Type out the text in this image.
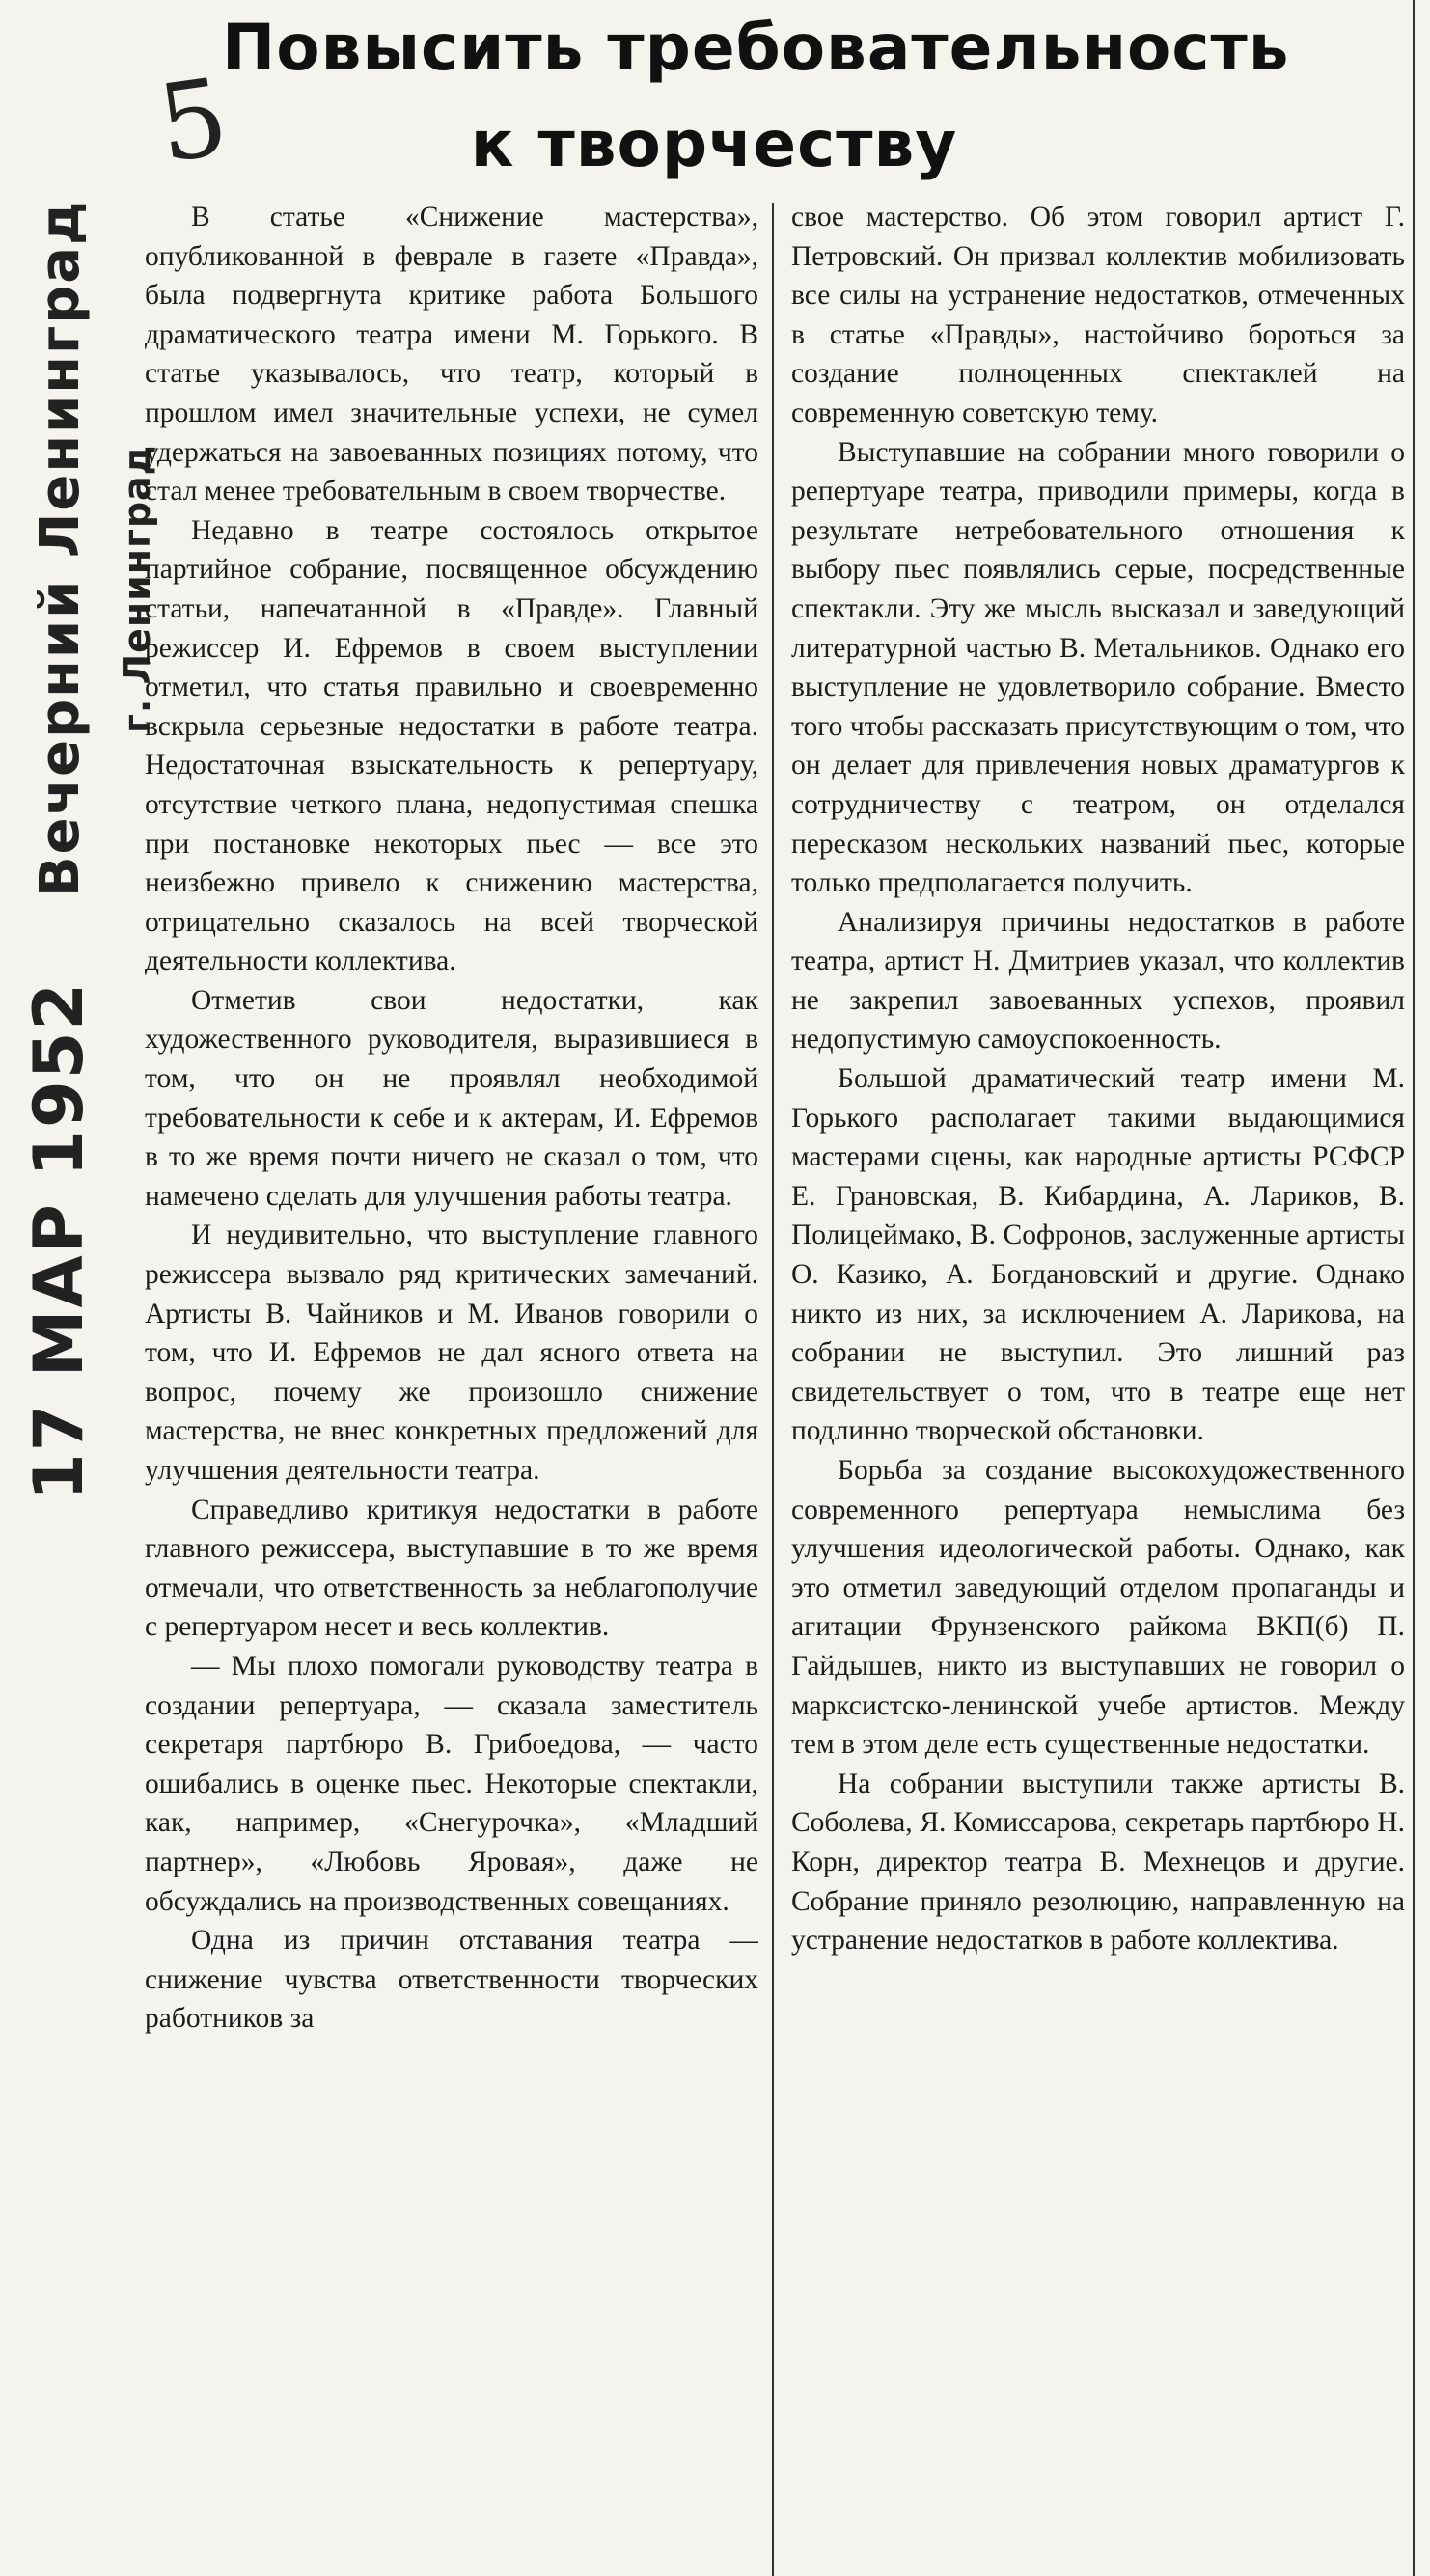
5
Повысить требовательность
к творчеству
Вечерний Ленинград г. Ленинград
17 МАР 1952

В статье «Снижение мастерства», опубликованной в феврале в газете «Правда», была подвергнута критике работа Большого драматического театра имени М. Горького. В статье указывалось, что театр, который в прошлом имел значительные успехи, не сумел удержаться на завоеванных позициях потому, что стал менее требовательным в своем творчестве.

Недавно в театре состоялось открытое партийное собрание, посвященное обсуждению статьи, напечатанной в «Правде». Главный режиссер И. Ефремов в своем выступлении отметил, что статья правильно и своевременно вскрыла серьезные недостатки в работе театра. Недостаточная взыскательность к репертуару, отсутствие четкого плана, недопустимая спешка при постановке некоторых пьес — все это неизбежно привело к снижению мастерства, отрицательно сказалось на всей творческой деятельности коллектива.

Отметив свои недостатки, как художественного руководителя, выразившиеся в том, что он не проявлял необходимой требовательности к себе и к актерам, И. Ефремов в то же время почти ничего не сказал о том, что намечено сделать для улучшения работы театра.

И неудивительно, что выступление главного режиссера вызвало ряд критических замечаний. Артисты В. Чайников и М. Иванов говорили о том, что И. Ефремов не дал ясного ответа на вопрос, почему же произошло снижение мастерства, не внес конкретных предложений для улучшения деятельности театра.

Справедливо критикуя недостатки в работе главного режиссера, выступавшие в то же время отмечали, что ответственность за неблагополучие с репертуаром несет и весь коллектив.

— Мы плохо помогали руководству театра в создании репертуара, — сказала заместитель секретаря партбюро В. Грибоедова, — часто ошибались в оценке пьес. Некоторые спектакли, как, например, «Снегурочка», «Младший партнер», «Любовь Яровая», даже не обсуждались на производственных совещаниях.

Одна из причин отставания театра — снижение чувства ответственности творческих работников за

свое мастерство. Об этом говорил артист Г. Петровский. Он призвал коллектив мобилизовать все силы на устранение недостатков, отмеченных в статье «Правды», настойчиво бороться за создание полноценных спектаклей на современную советскую тему.

Выступавшие на собрании много говорили о репертуаре театра, приводили примеры, когда в результате нетребовательного отношения к выбору пьес появлялись серые, посредственные спектакли. Эту же мысль высказал и заведующий литературной частью В. Метальников. Однако его выступление не удовлетворило собрание. Вместо того чтобы рассказать присутствующим о том, что он делает для привлечения новых драматургов к сотрудничеству с театром, он отделался пересказом нескольких названий пьес, которые только предполагается получить.

Анализируя причины недостатков в работе театра, артист Н. Дмитриев указал, что коллектив не закрепил завоеванных успехов, проявил недопустимую самоуспокоенность.

Большой драматический театр имени М. Горького располагает такими выдающимися мастерами сцены, как народные артисты РСФСР Е. Грановская, В. Кибардина, А. Лариков, В. Полицеймако, В. Софронов, заслуженные артисты О. Казико, А. Богдановский и другие. Однако никто из них, за исключением А. Ларикова, на собрании не выступил. Это лишний раз свидетельствует о том, что в театре еще нет подлинно творческой обстановки.

Борьба за создание высокохудожественного современного репертуара немыслима без улучшения идеологической работы. Однако, как это отметил заведующий отделом пропаганды и агитации Фрунзенского райкома ВКП(б) П. Гайдышев, никто из выступавших не говорил о марксистско-ленинской учебе артистов. Между тем в этом деле есть существенные недостатки.

На собрании выступили также артисты В. Соболева, Я. Комиссарова, секретарь партбюро Н. Корн, директор театра В. Мехнецов и другие. Собрание приняло резолюцию, направленную на устранение недостатков в работе коллектива.
